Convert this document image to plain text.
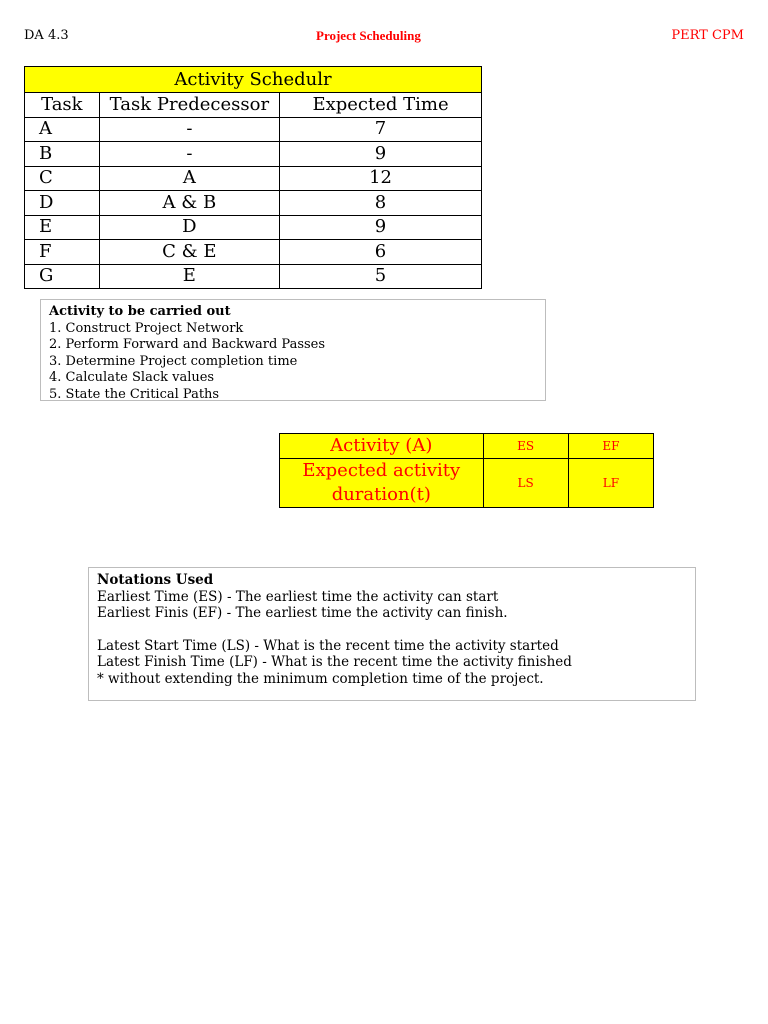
DA 4.3	Project Scheduling	PERT CPM
Activity Schedulr		
Task	Task Predecessor	Expected Time
A	-	7
B	-	9
C	A	12
D	A & B	8
E	D	9
F	C & E	6
G	E	5
Activity to be carried out
1. Construct Project Network
2. Perform Forward and Backward Passes
3. Determine Project completion time
4. Calculate Slack values
5. State the Critical Paths
Activity (A)	ES	EF

Expected activity
duration(t)	LS	LF
Notations Used
Earliest Time (ES) - The earliest time the activity can start
Earliest Finis (EF) - The earliest time the activity can finish.
Latest Start Time (LS) - What is the recent time the activity started
Latest Finish Time (LF) - What is the recent time the activity finished
* without extending the minimum completion time of the project.
